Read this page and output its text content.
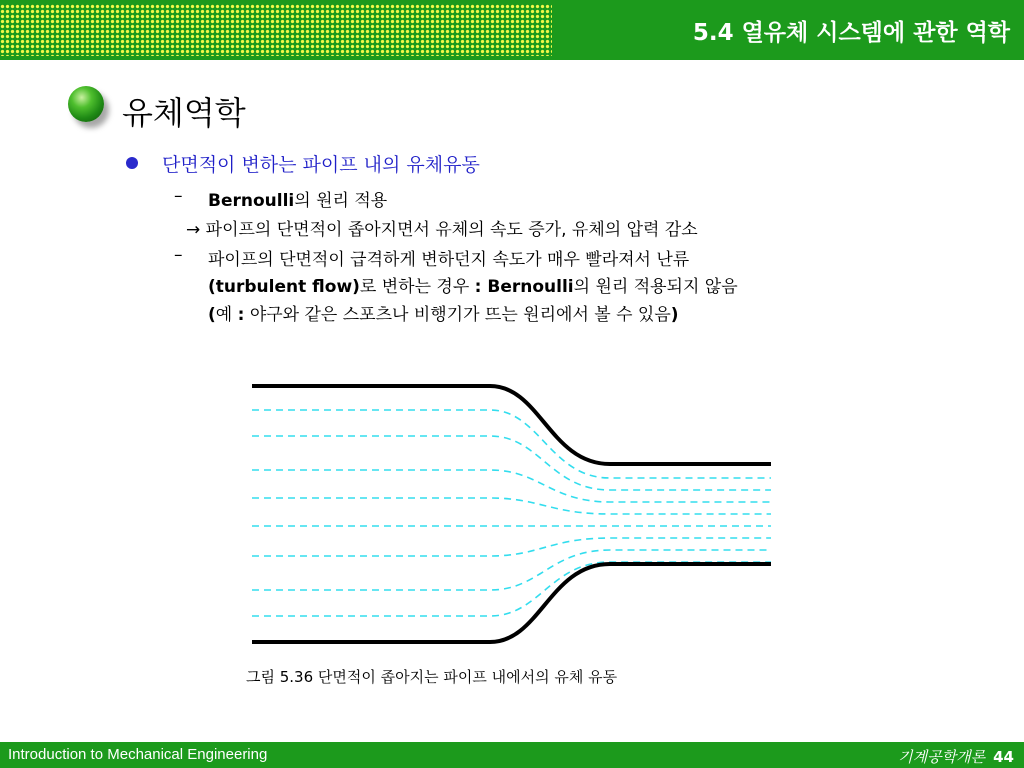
5.4 열유체 시스템에 관한 역학
유체역학
단면적이 변하는 파이프 내의 유체유동
– Bernoulli의 원리 적용
→ 파이프의 단면적이 좁아지면서 유체의 속도 증가, 유체의 압력 감소
– 파이프의 단면적이 급격하게 변하던지 속도가 매우 빨라져서 난류
(turbulent flow)로 변하는 경우 : Bernoulli의 원리 적용되지 않음
(예 : 야구와 같은 스포츠나 비행기가 뜨는 원리에서 볼 수 있음)
그림 5.36 단면적이 좁아지는 파이프 내에서의 유체 유동
Introduction to Mechanical Engineering	기계공학개론 44
